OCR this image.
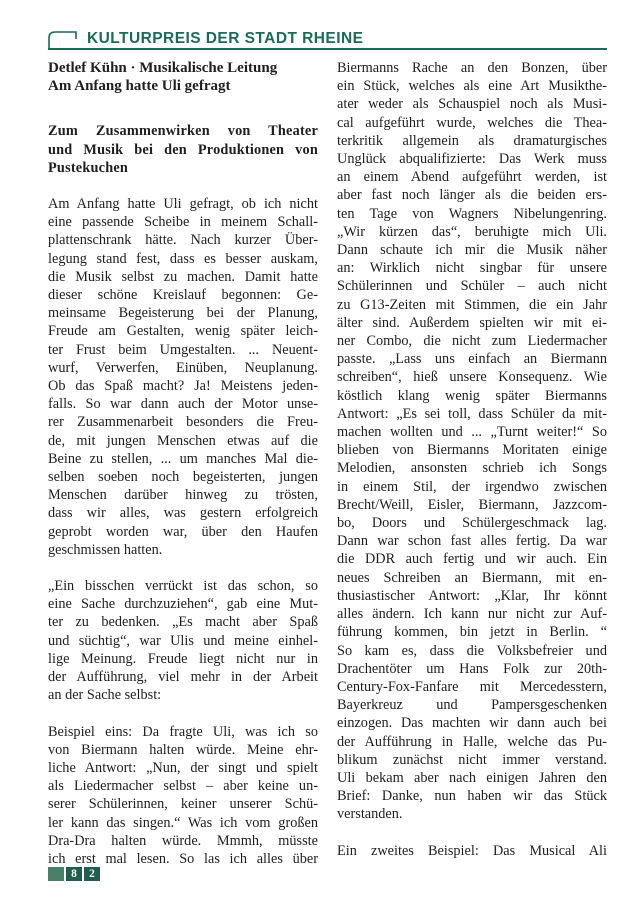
KULTURPREIS DER STADT RHEINE
Detlef Kühn · Musikalische Leitung
Am Anfang hatte Uli gefragt
Zum Zusammenwirken von Theater
und Musik bei den Produktionen von
Pustekuchen
Am Anfang hatte Uli gefragt, ob ich nicht
eine passende Scheibe in meinem Schall-
plattenschrank hätte. Nach kurzer Über-
legung stand fest, dass es besser auskam,
die Musik selbst zu machen. Damit hatte
dieser schöne Kreislauf begonnen: Ge-
meinsame Begeisterung bei der Planung,
Freude am Gestalten, wenig später leich-
ter Frust beim Umgestalten. ... Neuent-
wurf, Verwerfen, Einüben, Neuplanung.
Ob das Spaß macht? Ja! Meistens jeden-
falls. So war dann auch der Motor unse-
rer Zusammenarbeit besonders die Freu-
de, mit jungen Menschen etwas auf die
Beine zu stellen, ... um manches Mal die-
selben soeben noch begeisterten, jungen
Menschen darüber hinweg zu trösten,
dass wir alles, was gestern erfolgreich
geprobt worden war, über den Haufen
geschmissen hatten.
„Ein bisschen verrückt ist das schon, so
eine Sache durchzuziehen“, gab eine Mut-
ter zu bedenken. „Es macht aber Spaß
und süchtig“, war Ulis und meine einhel-
lige Meinung. Freude liegt nicht nur in
der Aufführung, viel mehr in der Arbeit
an der Sache selbst:
Beispiel eins: Da fragte Uli, was ich so
von Biermann halten würde. Meine ehr-
liche Antwort: „Nun, der singt und spielt
als Liedermacher selbst – aber keine un-
serer Schülerinnen, keiner unserer Schü-
ler kann das singen.“ Was ich vom großen
Dra-Dra halten würde. Mmmh, müsste
ich erst mal lesen. So las ich alles über
Biermanns Rache an den Bonzen, über
ein Stück, welches als eine Art Musikthe-
ater weder als Schauspiel noch als Musi-
cal aufgeführt wurde, welches die Thea-
terkritik allgemein als dramaturgisches
Unglück abqualifizierte: Das Werk muss
an einem Abend aufgeführt werden, ist
aber fast noch länger als die beiden ers-
ten Tage von Wagners Nibelungenring.
„Wir kürzen das“, beruhigte mich Uli.
Dann schaute ich mir die Musik näher
an: Wirklich nicht singbar für unsere
Schülerinnen und Schüler – auch nicht
zu G13-Zeiten mit Stimmen, die ein Jahr
älter sind. Außerdem spielten wir mit ei-
ner Combo, die nicht zum Liedermacher
passte. „Lass uns einfach an Biermann
schreiben“, hieß unsere Konsequenz. Wie
köstlich klang wenig später Biermanns
Antwort: „Es sei toll, dass Schüler da mit-
machen wollten und ... „Turnt weiter!“ So
blieben von Biermanns Moritaten einige
Melodien, ansonsten schrieb ich Songs
in einem Stil, der irgendwo zwischen
Brecht/Weill, Eisler, Biermann, Jazzcom-
bo, Doors und Schülergeschmack lag.
Dann war schon fast alles fertig. Da war
die DDR auch fertig und wir auch. Ein
neues Schreiben an Biermann, mit en-
thusiastischer Antwort: „Klar, Ihr könnt
alles ändern. Ich kann nur nicht zur Auf-
führung kommen, bin jetzt in Berlin. “
So kam es, dass die Volksbefreier und
Drachentöter um Hans Folk zur 20th-
Century-Fox-Fanfare mit Mercedesstern,
Bayerkreuz und Pampersgeschenken
einzogen. Das machten wir dann auch bei
der Aufführung in Halle, welche das Pu-
blikum zunächst nicht immer verstand.
Uli bekam aber nach einigen Jahren den
Brief: Danke, nun haben wir das Stück
verstanden.
Ein zweites Beispiel: Das Musical Ali
8	2
